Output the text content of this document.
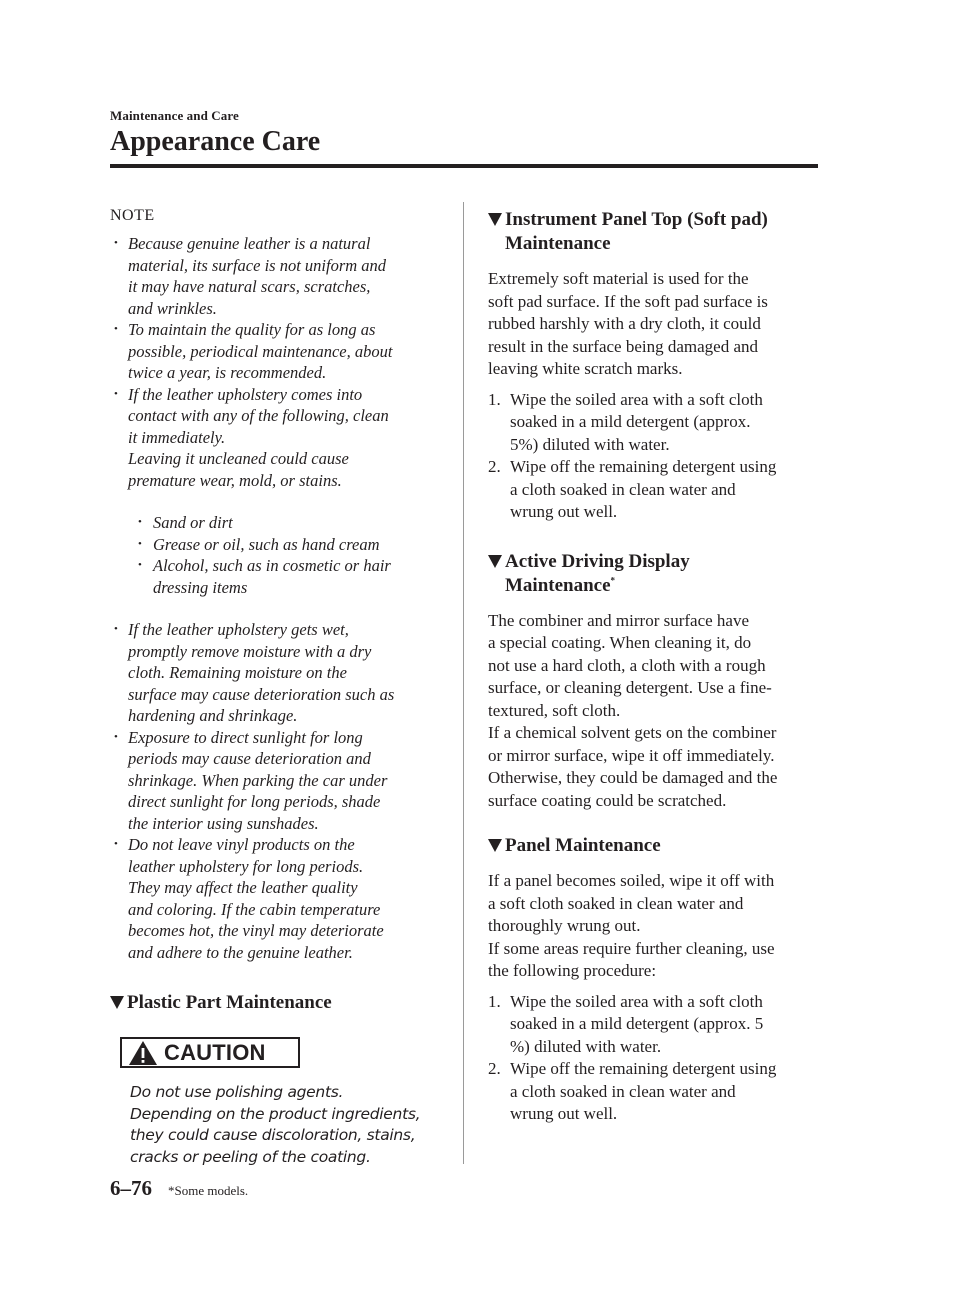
Maintenance and Care
Appearance Care
NOTE
• Because genuine leather is a natural
material, its surface is not uniform and
it may have natural scars, scratches,
and wrinkles.
• To maintain the quality for as long as
possible, periodical maintenance, about
twice a year, is recommended.
• If the leather upholstery comes into
contact with any of the following, clean
it immediately.
Leaving it uncleaned could cause
premature wear, mold, or stains.
• Sand or dirt
• Grease or oil, such as hand cream
• Alcohol, such as in cosmetic or hair
dressing items
• If the leather upholstery gets wet,
promptly remove moisture with a dry
cloth. Remaining moisture on the
surface may cause deterioration such as
hardening and shrinkage.
• Exposure to direct sunlight for long
periods may cause deterioration and
shrinkage. When parking the car under
direct sunlight for long periods, shade
the interior using sunshades.
• Do not leave vinyl products on the
leather upholstery for long periods.
They may affect the leather quality
and coloring. If the cabin temperature
becomes hot, the vinyl may deteriorate
and adhere to the genuine leather.
Plastic Part Maintenance
CAUTION
Do not use polishing agents.
Depending on the product ingredients,
they could cause discoloration, stains,
cracks or peeling of the coating.
Instrument Panel Top (Soft pad)
Maintenance
Extremely soft material is used for the
soft pad surface. If the soft pad surface is
rubbed harshly with a dry cloth, it could
result in the surface being damaged and
leaving white scratch marks.
1. Wipe the soiled area with a soft cloth
soaked in a mild detergent (approx.
5%) diluted with water.
2. Wipe off the remaining detergent using
a cloth soaked in clean water and
wrung out well.
Active Driving Display
Maintenance*
The combiner and mirror surface have
a special coating. When cleaning it, do
not use a hard cloth, a cloth with a rough
surface, or cleaning detergent. Use a fine-
textured, soft cloth.
If a chemical solvent gets on the combiner
or mirror surface, wipe it off immediately.
Otherwise, they could be damaged and the
surface coating could be scratched.
Panel Maintenance
If a panel becomes soiled, wipe it off with
a soft cloth soaked in clean water and
thoroughly wrung out.
If some areas require further cleaning, use
the following procedure:
1. Wipe the soiled area with a soft cloth
soaked in a mild detergent (approx. 5
%) diluted with water.
2. Wipe off the remaining detergent using
a cloth soaked in clean water and
wrung out well.
6–76 *Some models.
